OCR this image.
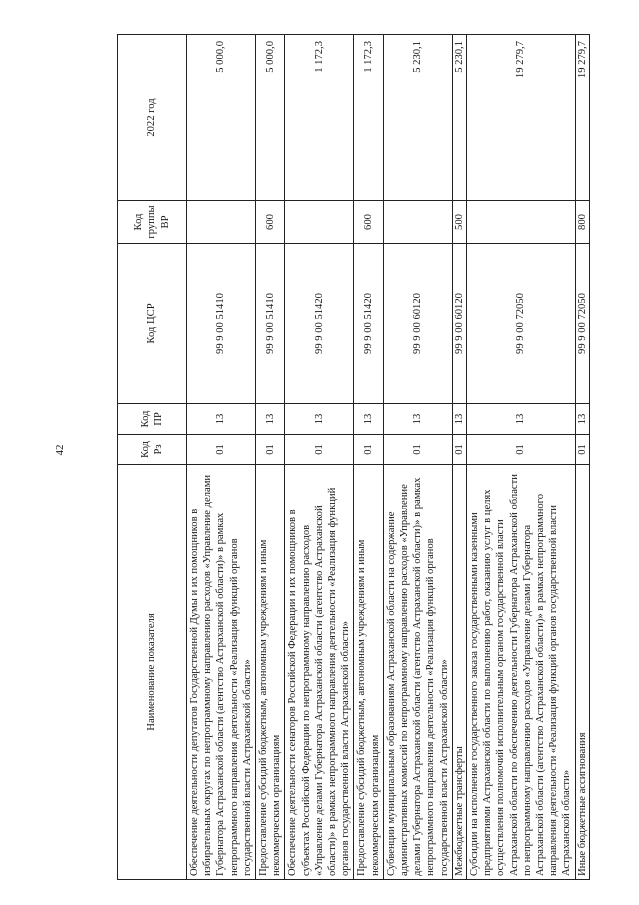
42
Наименование показателя	Код Рз	Код ПР	Код ЦСР	Код группы ВР	2022 год
Обеспечение деятельности депутатов Государственной Думы и их помощников в избирательных округах по непрограммному направлению расходов «Управление делами Губернатора Астраханской области (агентство Астраханской области)» в рамках непрограммного направления деятельности «Реализация функций органов государственной власти Астраханской области»	01	13	99 9 00 51410		5 000,0
Предоставление субсидий бюджетным, автономным учреждениям и иным некоммерческим организациям	01	13	99 9 00 51410	600	5 000,0
Обеспечение деятельности сенаторов Российской Федерации и их помощников в субъектах Российской Федерации по непрограммному направлению расходов «Управление делами Губернатора Астраханской области (агентство Астраханской области)» в рамках непрограммного направления деятельности «Реализация функций органов государственной власти Астраханской области»	01	13	99 9 00 51420		1 172,3
Предоставление субсидий бюджетным, автономным учреждениям и иным некоммерческим организациям	01	13	99 9 00 51420	600	1 172,3
Субвенции муниципальным образованиям Астраханской области на содержание административных комиссий по непрограммному направлению расходов «Управление делами Губернатора Астраханской области (агентство Астраханской области)» в рамках непрограммного направления деятельности «Реализация функций органов государственной власти Астраханской области»	01	13	99 9 00 60120		5 230,1
Межбюджетные трансферты	01	13	99 9 00 60120	500	5 230,1
Субсидии на исполнение государственного заказа государственными казенными предприятиями Астраханской области по выполнению работ, оказанию услуг в целях осуществления полномочий исполнительным органом государственной власти Астраханской области по обеспечению деятельности Губернатора Астраханской области по непрограммному направлению расходов «Управление делами Губернатора Астраханской области (агентство Астраханской области)» в рамках непрограммного направления деятельности «Реализация функций органов государственной власти Астраханской области»	01	13	99 9 00 72050		19 279,7
Иные бюджетные ассигнования	01	13	99 9 00 72050	800	19 279,7
